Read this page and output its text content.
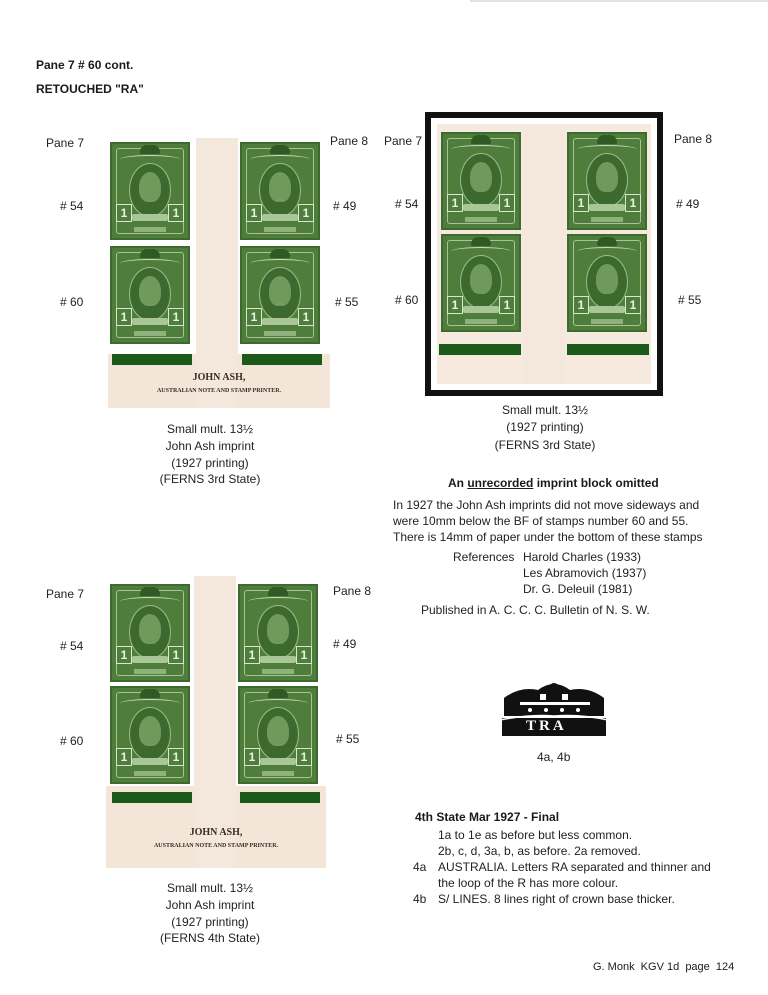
Pane 7 # 60 cont.
RETOUCHED "RA"
Pane 7	Pane 8
# 54	# 49
# 60	# 55
1	1	1	1
1	1	1	1
JOHN ASH,
AUSTRALIAN NOTE AND STAMP PRINTER.
Small mult. 13½
John Ash imprint
(1927 printing)
(FERNS 3rd State)
Pane 7	Pane 8
# 54	# 49
# 60	# 55
1	1	1	1
1	1	1	1
Small mult. 13½
(1927 printing)
(FERNS 3rd State)
An unrecorded imprint block omitted
In 1927 the John Ash imprints did not move sideways and
were 10mm below the BF of stamps number 60 and 55.
There is 14mm of paper under the bottom of these stamps
References Harold Charles (1933)
Les Abramovich (1937)
Dr. G. Deleuil (1981)
Published in A. C. C. C. Bulletin of N. S. W.
Pane 7	Pane 8
# 54	# 49
# 60	# 55
1	1	1	1
1	1	1	1
JOHN ASH,
AUSTRALIAN NOTE AND STAMP PRINTER.
Small mult. 13½
John Ash imprint
(1927 printing)
(FERNS 4th State)
TRA
4a, 4b
4th State Mar 1927 - Final
1a to 1e as before but less common.
2b, c, d, 3a, b, as before. 2a removed.
4a AUSTRALIA. Letters RA separated and thinner and
the loop of the R has more colour.
4b S/ LINES. 8 lines right of crown base thicker.
G. Monk  KGV 1d  page  124
